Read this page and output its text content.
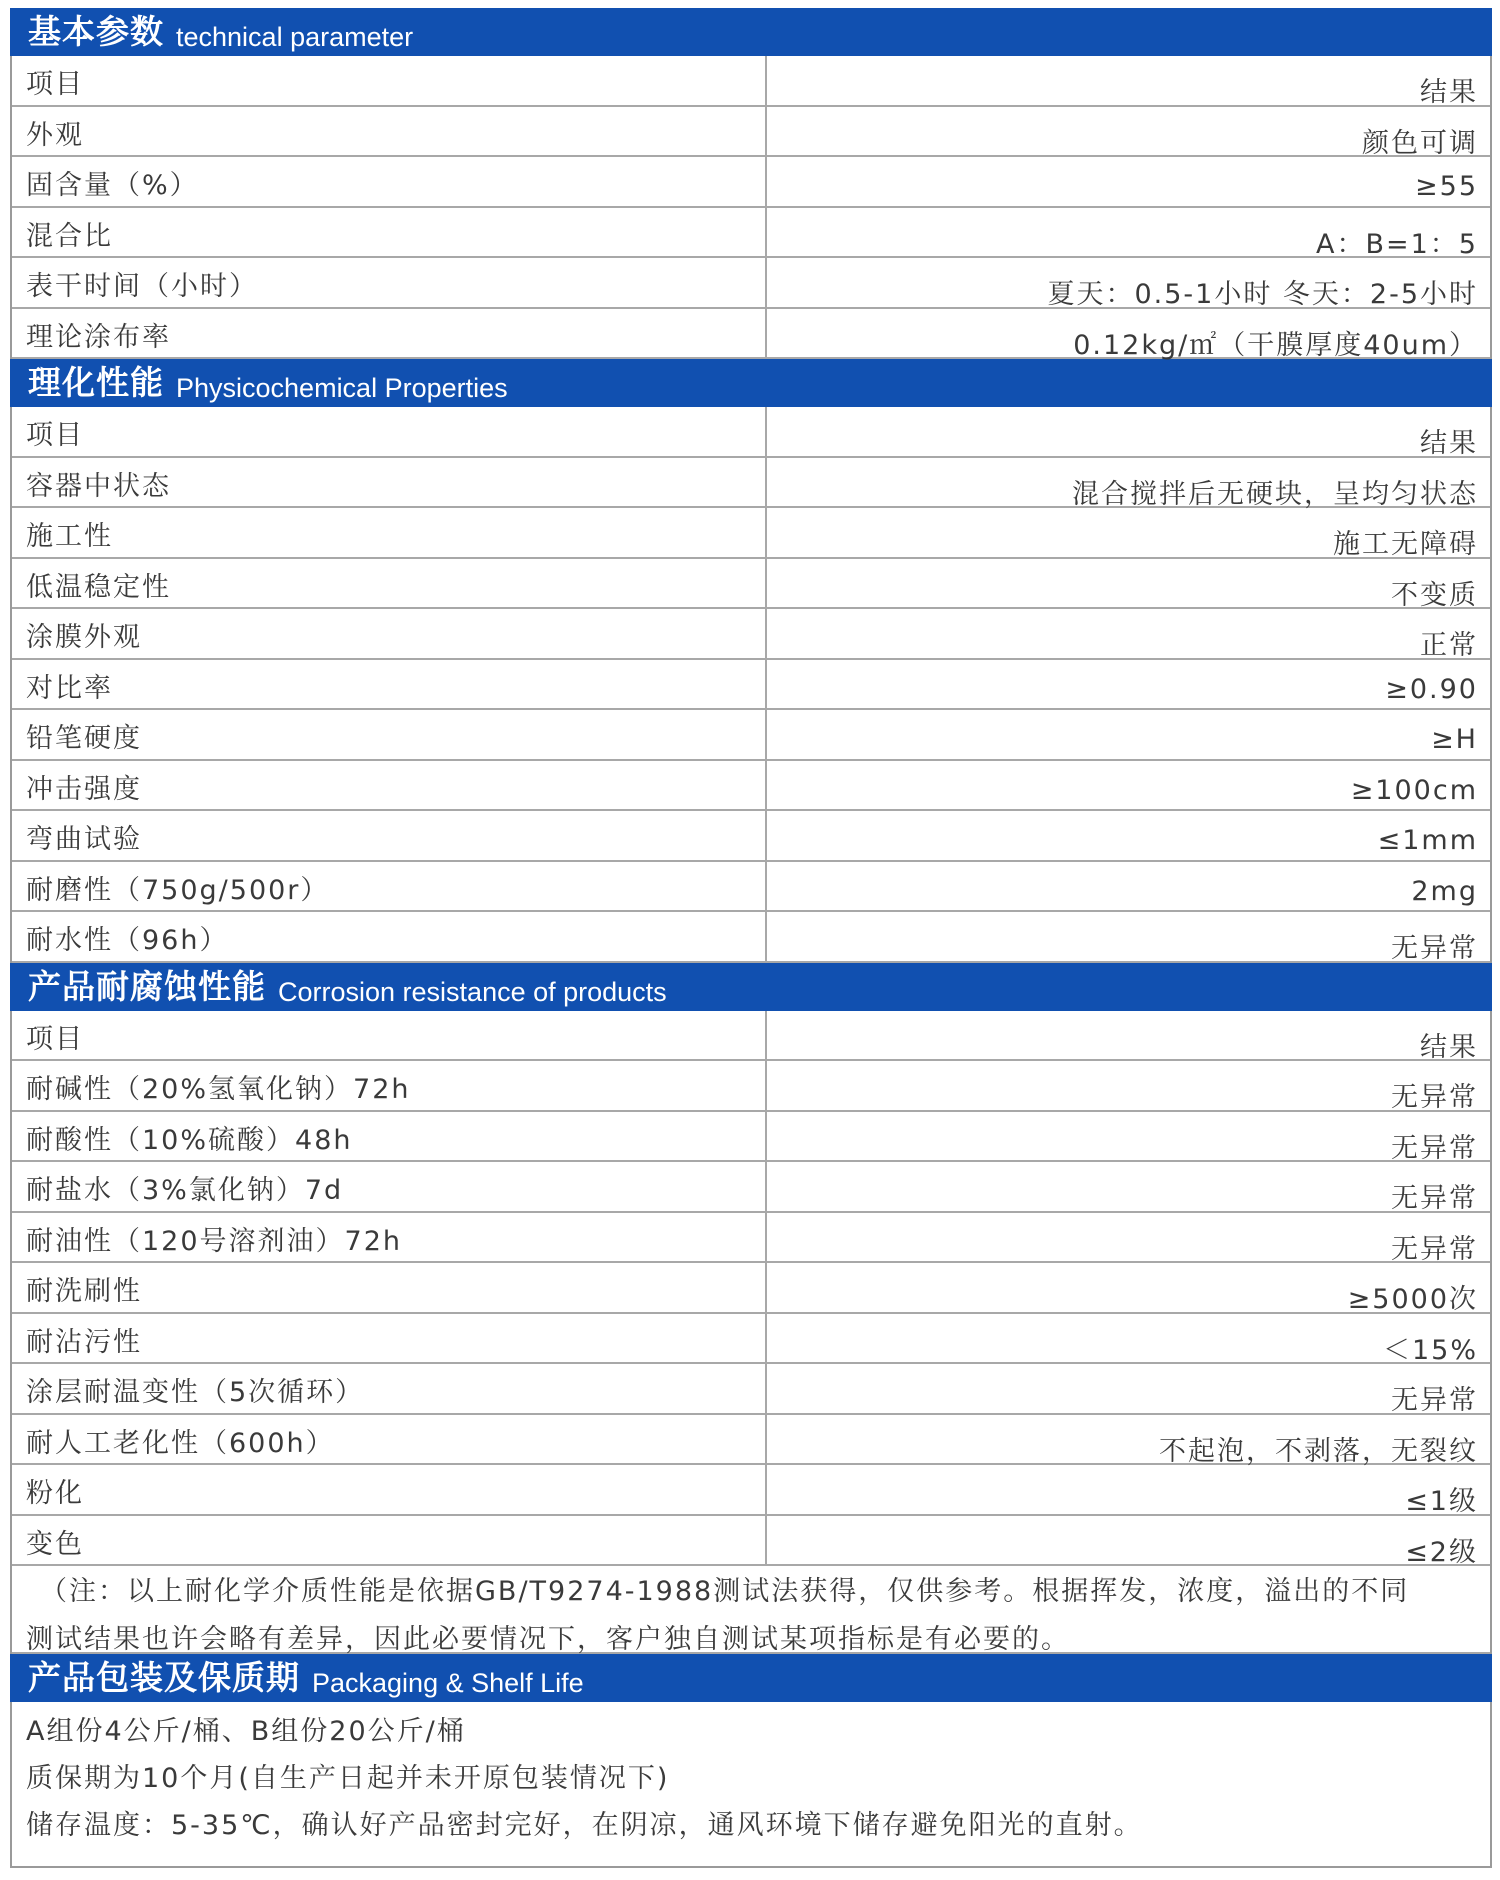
基本参数 technical parameter
项目	结果
外观	颜色可调
固含量（%）	≥55
混合比	A：B=1：5
表干时间（小时）	夏天：0.5-1小时 冬天：2-5小时
理论涂布率	0.12kg/㎡（干膜厚度40um）
理化性能 Physicochemical Properties
项目	结果
容器中状态	混合搅拌后无硬块，呈均匀状态
施工性	施工无障碍
低温稳定性	不变质
涂膜外观	正常
对比率	≥0.90
铅笔硬度	≥H
冲击强度	≥100cm
弯曲试验	≤1mm
耐磨性（750g/500r）	2mg
耐水性（96h）	无异常
产品耐腐蚀性能 Corrosion resistance of products
项目	结果
耐碱性（20%氢氧化钠）72h	无异常
耐酸性（10%硫酸）48h	无异常
耐盐水（3%氯化钠）7d	无异常
耐油性（120号溶剂油）72h	无异常
耐洗刷性	≥5000次
耐沾污性	＜15%
涂层耐温变性（5次循环）	无异常
耐人工老化性（600h）	不起泡，不剥落，无裂纹
粉化	≤1级
变色	≤2级
（注：以上耐化学介质性能是依据GB/T9274-1988测试法获得，仅供参考。根据挥发，浓度，溢出的不同
测试结果也许会略有差异，因此必要情况下，客户独自测试某项指标是有必要的。
产品包装及保质期 Packaging & Shelf Life
A组份4公斤/桶、B组份20公斤/桶
质保期为10个月(自生产日起并未开原包装情况下)
储存温度：5-35℃，确认好产品密封完好，在阴凉，通风环境下储存避免阳光的直射。
